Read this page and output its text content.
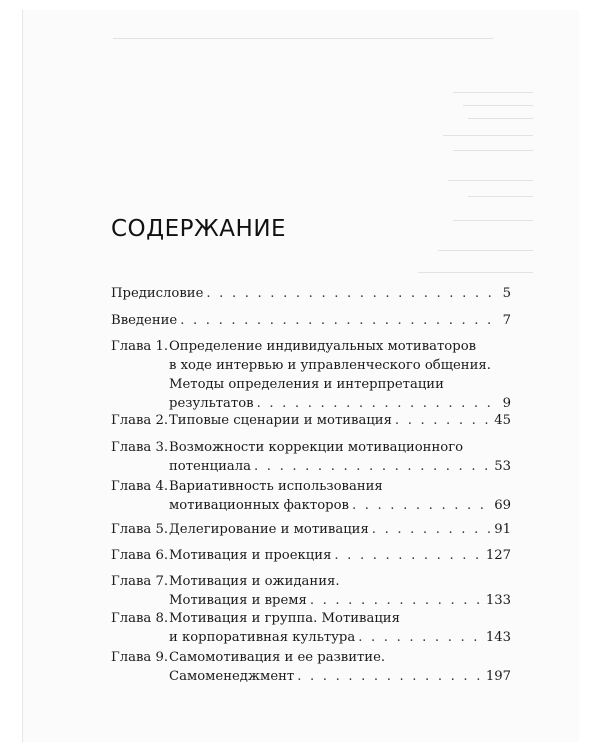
СОДЕРЖАНИЕ
Предисловие . . .	5
Введение . . .	7
Глава 1. Определение индивидуальных мотиваторов
в ходе интервью и управленческого общения.
Методы определения и интерпретации
результатов . . .	9
Глава 2. Типовые сценарии и мотивация . . .	45
Глава 3. Возможности коррекции мотивационного
потенциала . . .	53
Глава 4. Вариативность использования
мотивационных факторов . . .	69
Глава 5. Делегирование и мотивация . . .	91
Глава 6. Мотивация и проекция . . .	127
Глава 7. Мотивация и ожидания.
Мотивация и время . . .	133
Глава 8. Мотивация и группа. Мотивация
и корпоративная культура . . .	143
Глава 9. Самомотивация и ее развитие.
Самоменеджмент . . .	197
